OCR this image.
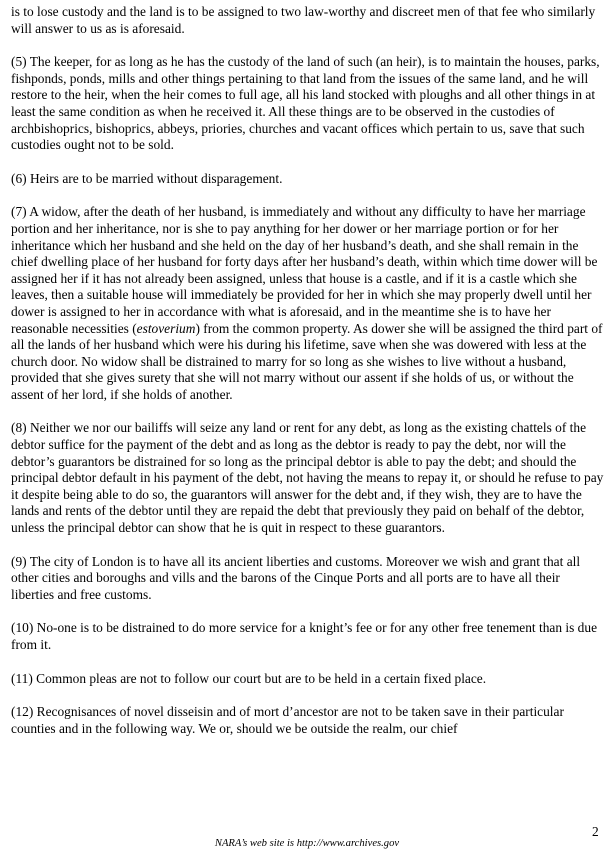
is to lose custody and the land is to be assigned to two law-worthy and discreet men of that fee who similarly will answer to us as is aforesaid.

(5) The keeper, for as long as he has the custody of the land of such (an heir), is to maintain the houses, parks, fishponds, ponds, mills and other things pertaining to that land from the issues of the same land, and he will restore to the heir, when the heir comes to full age, all his land stocked with ploughs and all other things in at least the same condition as when he received it. All these things are to be observed in the custodies of archbishoprics, bishoprics, abbeys, priories, churches and vacant offices which pertain to us, save that such custodies ought not to be sold.

(6) Heirs are to be married without disparagement.

(7) A widow, after the death of her husband, is immediately and without any difficulty to have her marriage portion and her inheritance, nor is she to pay anything for her dower or her marriage portion or for her inheritance which her husband and she held on the day of her husband’s death, and she shall remain in the chief dwelling place of her husband for forty days after her husband’s death, within which time dower will be assigned her if it has not already been assigned, unless that house is a castle, and if it is a castle which she leaves, then a suitable house will immediately be provided for her in which she may properly dwell until her dower is assigned to her in accordance with what is aforesaid, and in the meantime she is to have her reasonable necessities (estoverium) from the common property. As dower she will be assigned the third part of all the lands of her husband which were his during his lifetime, save when she was dowered with less at the church door. No widow shall be distrained to marry for so long as she wishes to live without a husband, provided that she gives surety that she will not marry without our assent if she holds of us, or without the assent of her lord, if she holds of another.

(8) Neither we nor our bailiffs will seize any land or rent for any debt, as long as the existing chattels of the debtor suffice for the payment of the debt and as long as the debtor is ready to pay the debt, nor will the debtor’s guarantors be distrained for so long as the principal debtor is able to pay the debt; and should the principal debtor default in his payment of the debt, not having the means to repay it, or should he refuse to pay it despite being able to do so, the guarantors will answer for the debt and, if they wish, they are to have the lands and rents of the debtor until they are repaid the debt that previously they paid on behalf of the debtor, unless the principal debtor can show that he is quit in respect to these guarantors.

(9) The city of London is to have all its ancient liberties and customs. Moreover we wish and grant that all other cities and boroughs and vills and the barons of the Cinque Ports and all ports are to have all their liberties and free customs.

(10) No-one is to be distrained to do more service for a knight’s fee or for any other free tenement than is due from it.

(11) Common pleas are not to follow our court but are to be held in a certain fixed place.

(12) Recognisances of novel disseisin and of mort d’ancestor are not to be taken save in their particular counties and in the following way. We or, should we be outside the realm, our chief

2
NARA’s web site is http://www.archives.gov
